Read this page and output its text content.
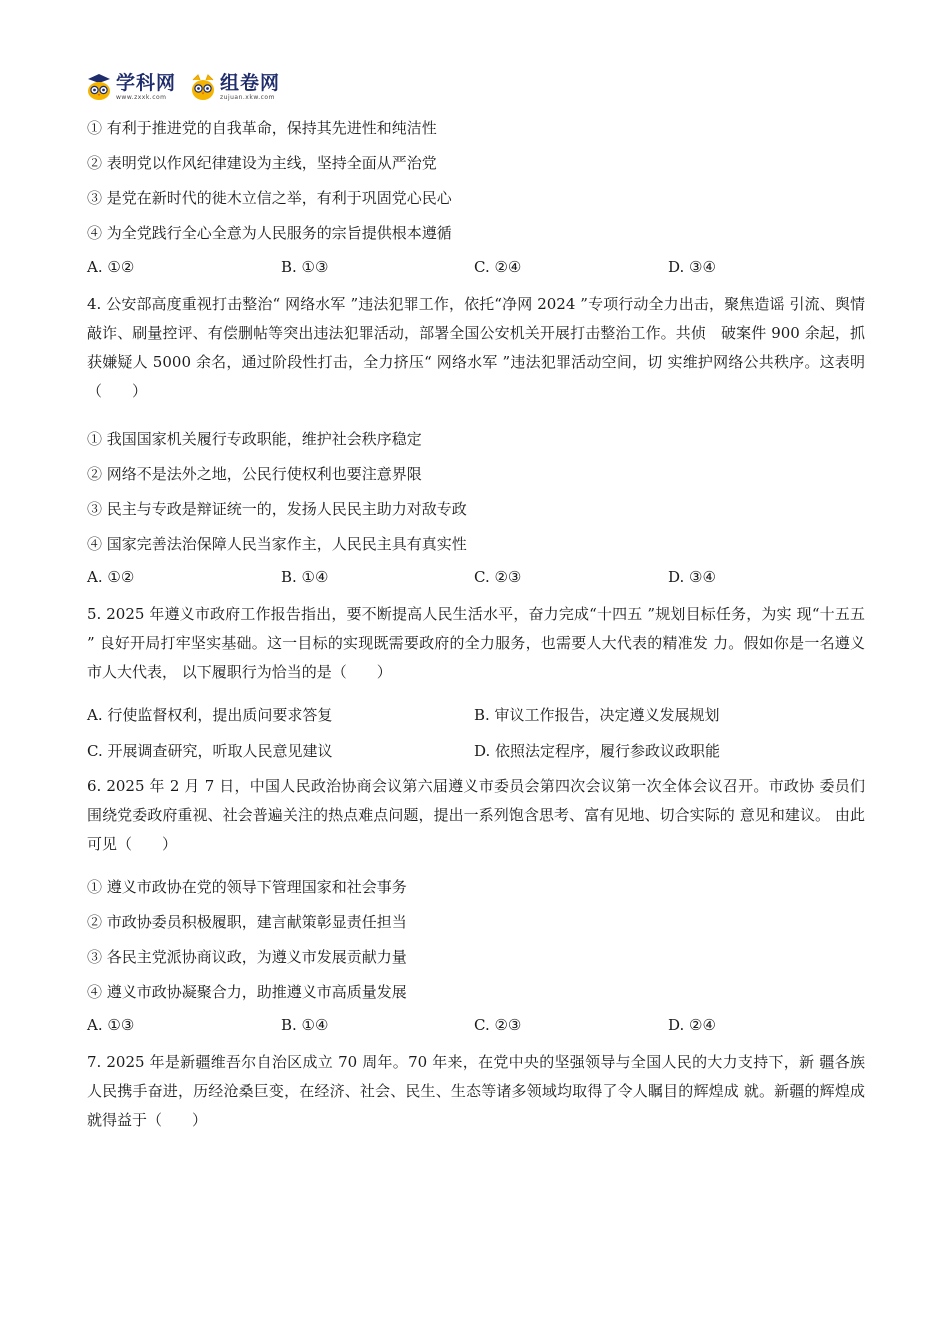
学科网
www.zxxk.com
组卷网
zujuan.xkw.com
① 有利于推进党的自我革命，保持其先进性和纯洁性
② 表明党以作风纪律建设为主线，坚持全面从严治党
③ 是党在新时代的徙木立信之举，有利于巩固党心民心
④ 为全党践行全心全意为人民服务的宗旨提供根本遵循
A. ①②	B. ①③	C. ②④	D. ③④
4. 公安部高度重视打击整治“ 网络水军 ”违法犯罪工作，依托“净网 2024 ”专项行动全力出击，聚焦造谣 引流、舆情敲诈、刷量控评、有偿删帖等突出违法犯罪活动，部署全国公安机关开展打击整治工作。共侦　破案件 900 余起，抓获嫌疑人 5000 余名，通过阶段性打击，全力挤压“ 网络水军 ”违法犯罪活动空间，切 实维护网络公共秩序。这表明（　　）
① 我国国家机关履行专政职能，维护社会秩序稳定
② 网络不是法外之地，公民行使权利也要注意界限
③ 民主与专政是辩证统一的，发扬人民民主助力对敌专政
④ 国家完善法治保障人民当家作主，人民民主具有真实性
A. ①②	B. ①④	C. ②③	D. ③④
5. 2025 年遵义市政府工作报告指出，要不断提高人民生活水平，奋力完成“十四五 ”规划目标任务，为实 现“十五五 ” 良好开局打牢坚实基础。这一目标的实现既需要政府的全力服务，也需要人大代表的精准发 力。假如你是一名遵义市人大代表， 以下履职行为恰当的是（　　）
A. 行使监督权利，提出质问要求答复	B. 审议工作报告，决定遵义发展规划
C. 开展调查研究，听取人民意见建议	D. 依照法定程序，履行参政议政职能
6. 2025 年 2 月 7 日，中国人民政治协商会议第六届遵义市委员会第四次会议第一次全体会议召开。市政协 委员们围绕党委政府重视、社会普遍关注的热点难点问题，提出一系列饱含思考、富有见地、切合实际的 意见和建议。 由此可见（　　）
① 遵义市政协在党的领导下管理国家和社会事务
② 市政协委员积极履职，建言献策彰显责任担当
③ 各民主党派协商议政，为遵义市发展贡献力量
④ 遵义市政协凝聚合力，助推遵义市高质量发展
A. ①③	B. ①④	C. ②③	D. ②④
7. 2025 年是新疆维吾尔自治区成立 70 周年。70 年来，在党中央的坚强领导与全国人民的大力支持下，新 疆各族人民携手奋进，历经沧桑巨变，在经济、社会、民生、生态等诸多领域均取得了令人瞩目的辉煌成 就。新疆的辉煌成就得益于（　　）
